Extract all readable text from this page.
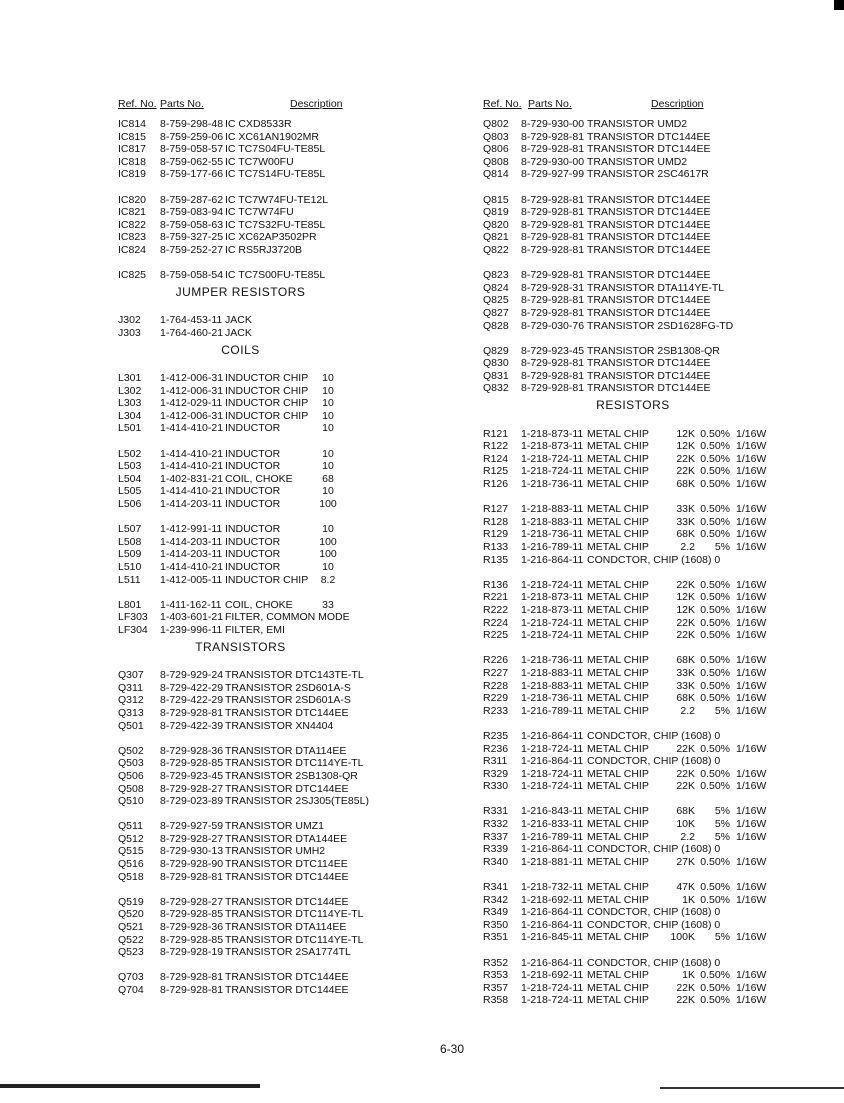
Ref. No. Parts No.	Description
IC814 8-759-298-48 IC CXD8533R
IC815 8-759-259-06 IC XC61AN1902MR
IC817 8-759-058-57 IC TC7S04FU-TE85L
IC818 8-759-062-55 IC TC7W00FU
IC819 8-759-177-66 IC TC7S14FU-TE85L
IC820 8-759-287-62 IC TC7W74FU-TE12L
IC821 8-759-083-94 IC TC7W74FU
IC822 8-759-058-63 IC TC7S32FU-TE85L
IC823 8-759-327-25 IC XC62AP3502PR
IC824 8-759-252-27 IC RS5RJ3720B
IC825 8-759-058-54 IC TC7S00FU-TE85L
JUMPER RESISTORS
J302 1-764-453-11 JACK
J303 1-764-460-21 JACK
COILS
L301 1-412-006-31 INDUCTOR CHIP	10
L302 1-412-006-31 INDUCTOR CHIP	10
L303 1-412-029-11 INDUCTOR CHIP	10
L304 1-412-006-31 INDUCTOR CHIP	10
L501 1-414-410-21 INDUCTOR	10
L502 1-414-410-21 INDUCTOR	10
L503 1-414-410-21 INDUCTOR	10
L504 1-402-831-21 COIL, CHOKE	68
L505 1-414-410-21 INDUCTOR	10
L506 1-414-203-11 INDUCTOR	100
L507 1-412-991-11 INDUCTOR	10
L508 1-414-203-11 INDUCTOR	100
L509 1-414-203-11 INDUCTOR	100
L510 1-414-410-21 INDUCTOR	10
L511 1-412-005-11 INDUCTOR CHIP 8.2
L801 1-411-162-11 COIL, CHOKE	33
LF303 1-403-601-21 FILTER, COMMON MODE
LF304 1-239-996-11 FILTER, EMI
TRANSISTORS
Q307 8-729-929-24 TRANSISTOR DTC143TE-TL
Q311 8-729-422-29 TRANSISTOR 2SD601A-S
Q312 8-729-422-29 TRANSISTOR 2SD601A-S
Q313 8-729-928-81 TRANSISTOR DTC144EE
Q501 8-729-422-39 TRANSISTOR XN4404
Q502 8-729-928-36 TRANSISTOR DTA114EE
Q503 8-729-928-85 TRANSISTOR DTC114YE-TL
Q506 8-729-923-45 TRANSISTOR 2SB1308-QR
Q508 8-729-928-27 TRANSISTOR DTC144EE
Q510 8-729-023-89 TRANSISTOR 2SJ305(TE85L)
Q511 8-729-927-59 TRANSISTOR UMZ1
Q512 8-729-928-27 TRANSISTOR DTA144EE
Q515 8-729-930-13 TRANSISTOR UMH2
Q516 8-729-928-90 TRANSISTOR DTC114EE
Q518 8-729-928-81 TRANSISTOR DTC144EE
Q519 8-729-928-27 TRANSISTOR DTC144EE
Q520 8-729-928-85 TRANSISTOR DTC114YE-TL
Q521 8-729-928-36 TRANSISTOR DTA114EE
Q522 8-729-928-85 TRANSISTOR DTC114YE-TL
Q523 8-729-928-19 TRANSISTOR 2SA1774TL
Q703 8-729-928-81 TRANSISTOR DTC144EE
Q704 8-729-928-81 TRANSISTOR DTC144EE
Ref. No. Parts No.	Description
Q802 8-729-930-00 TRANSISTOR UMD2
Q803 8-729-928-81 TRANSISTOR DTC144EE
Q806 8-729-928-81 TRANSISTOR DTC144EE
Q808 8-729-930-00 TRANSISTOR UMD2
Q814 8-729-927-99 TRANSISTOR 2SC4617R
Q815 8-729-928-81 TRANSISTOR DTC144EE
Q819 8-729-928-81 TRANSISTOR DTC144EE
Q820 8-729-928-81 TRANSISTOR DTC144EE
Q821 8-729-928-81 TRANSISTOR DTC144EE
Q822 8-729-928-81 TRANSISTOR DTC144EE
Q823 8-729-928-81 TRANSISTOR DTC144EE
Q824 8-729-928-31 TRANSISTOR DTA114YE-TL
Q825 8-729-928-81 TRANSISTOR DTC144EE
Q827 8-729-928-81 TRANSISTOR DTC144EE
Q828 8-729-030-76 TRANSISTOR 2SD1628FG-TD
Q829 8-729-923-45 TRANSISTOR 2SB1308-QR
Q830 8-729-928-81 TRANSISTOR DTC144EE
Q831 8-729-928-81 TRANSISTOR DTC144EE
Q832 8-729-928-81 TRANSISTOR DTC144EE
RESISTORS
R121 1-218-873-11 METAL CHIP	12K 0.50% 1/16W
R122 1-218-873-11 METAL CHIP	12K 0.50% 1/16W
R124 1-218-724-11 METAL CHIP	22K 0.50% 1/16W
R125 1-218-724-11 METAL CHIP	22K 0.50% 1/16W
R126 1-218-736-11 METAL CHIP	68K 0.50% 1/16W
R127 1-218-883-11 METAL CHIP	33K 0.50% 1/16W
R128 1-218-883-11 METAL CHIP	33K 0.50% 1/16W
R129 1-218-736-11 METAL CHIP	68K 0.50% 1/16W
R133 1-216-789-11 METAL CHIP	2.2	5% 1/16W
R135 1-216-864-11 CONDCTOR, CHIP (1608) 0
R136 1-218-724-11 METAL CHIP	22K 0.50% 1/16W
R221 1-218-873-11 METAL CHIP	12K 0.50% 1/16W
R222 1-218-873-11 METAL CHIP	12K 0.50% 1/16W
R224 1-218-724-11 METAL CHIP	22K 0.50% 1/16W
R225 1-218-724-11 METAL CHIP	22K 0.50% 1/16W
R226 1-218-736-11 METAL CHIP	68K 0.50% 1/16W
R227 1-218-883-11 METAL CHIP	33K 0.50% 1/16W
R228 1-218-883-11 METAL CHIP	33K 0.50% 1/16W
R229 1-218-736-11 METAL CHIP	68K 0.50% 1/16W
R233 1-216-789-11 METAL CHIP	2.2	5% 1/16W
R235 1-216-864-11 CONDCTOR, CHIP (1608) 0
R236 1-218-724-11 METAL CHIP	22K 0.50% 1/16W
R311 1-216-864-11 CONDCTOR, CHIP (1608) 0
R329 1-218-724-11 METAL CHIP	22K 0.50% 1/16W
R330 1-218-724-11 METAL CHIP	22K 0.50% 1/16W
R331 1-216-843-11 METAL CHIP	68K	5% 1/16W
R332 1-216-833-11 METAL CHIP	10K	5% 1/16W
R337 1-216-789-11 METAL CHIP	2.2	5% 1/16W
R339 1-216-864-11 CONDCTOR, CHIP (1608) 0
R340 1-218-881-11 METAL CHIP	27K 0.50% 1/16W
R341 1-218-732-11 METAL CHIP	47K 0.50% 1/16W
R342 1-218-692-11 METAL CHIP	1K 0.50% 1/16W
R349 1-216-864-11 CONDCTOR, CHIP (1608) 0
R350 1-216-864-11 CONDCTOR, CHIP (1608) 0
R351 1-216-845-11 METAL CHIP	100K	5% 1/16W
R352 1-216-864-11 CONDCTOR, CHIP (1608) 0
R353 1-218-692-11 METAL CHIP	1K 0.50% 1/16W
R357 1-218-724-11 METAL CHIP	22K 0.50% 1/16W
R358 1-218-724-11 METAL CHIP	22K 0.50% 1/16W
6-30
